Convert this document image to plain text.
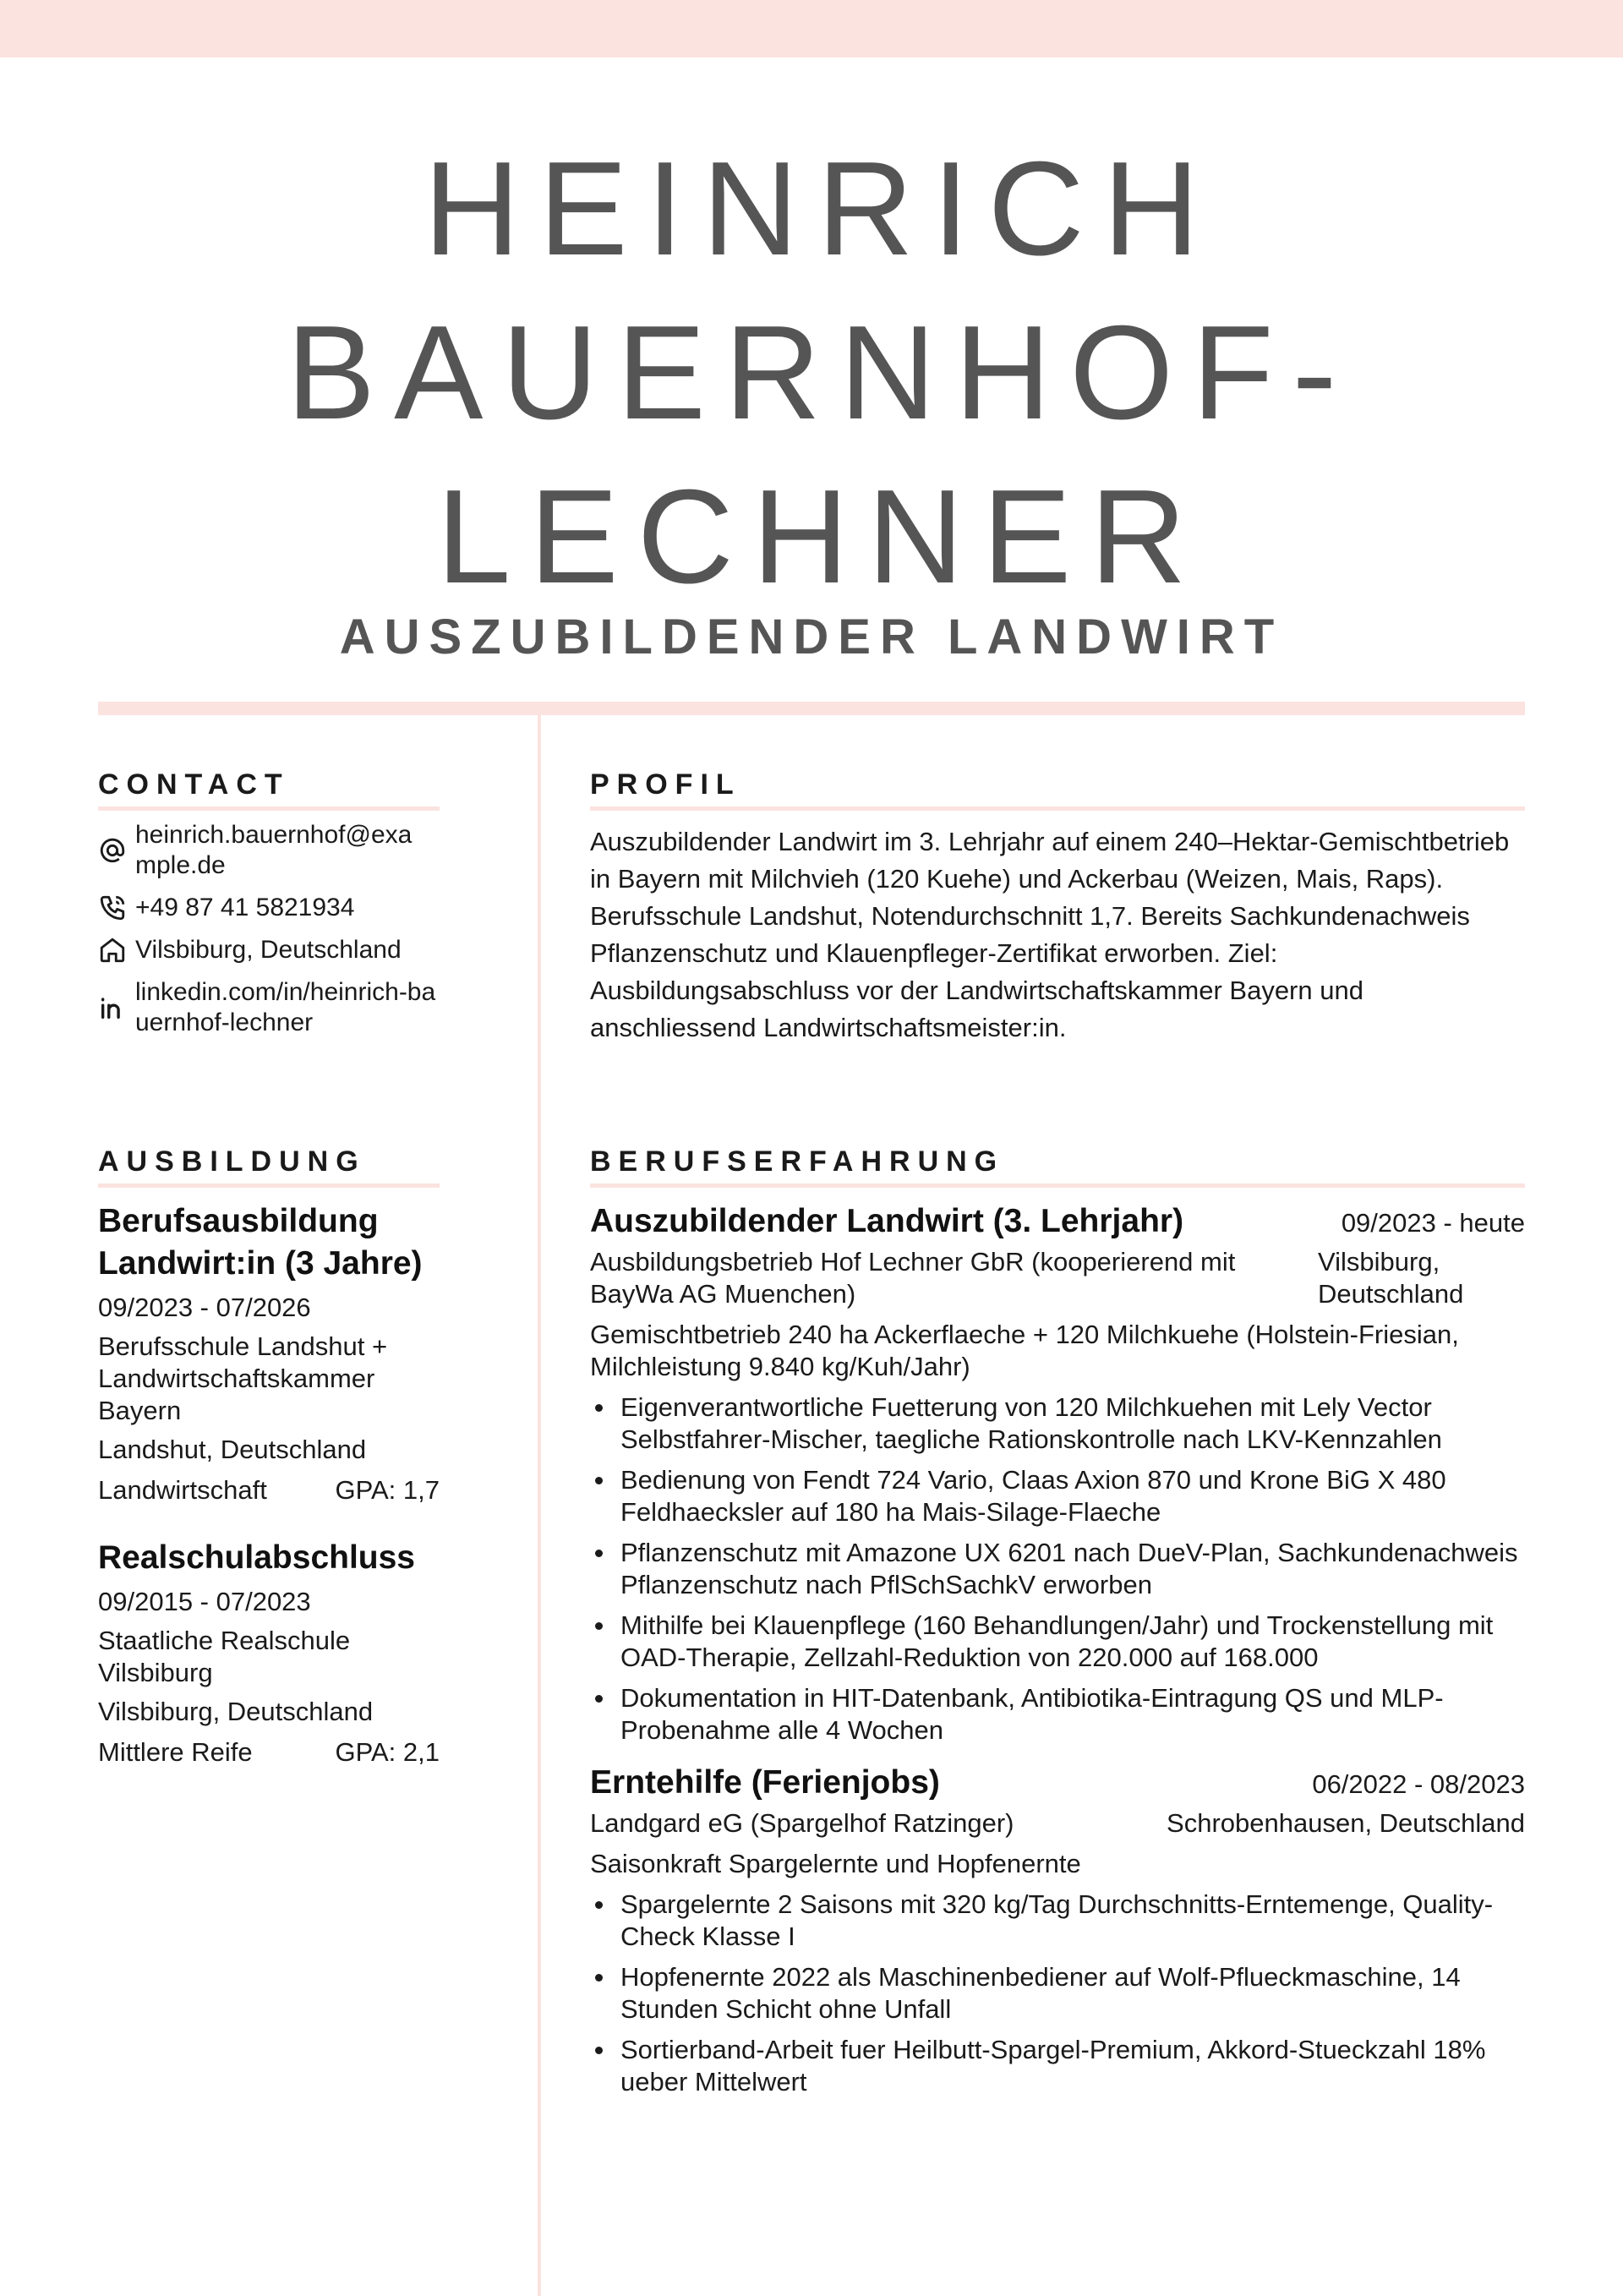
HEINRICH
BAUERNHOF-
LECHNER
AUSZUBILDENDER LANDWIRT
CONTACT
heinrich.bauernhof@example.de
+49 87 41 5821934
Vilsbiburg, Deutschland
linkedin.com/in/heinrich-bauernhof-lechner
AUSBILDUNG
Berufsausbildung Landwirt:in (3 Jahre)
09/2023 - 07/2026
Berufsschule Landshut + Landwirtschaftskammer Bayern
Landshut, Deutschland
Landwirtschaft	GPA: 1,7
Realschulabschluss
09/2015 - 07/2023
Staatliche Realschule Vilsbiburg
Vilsbiburg, Deutschland
Mittlere Reife	GPA: 2,1
PROFIL
Auszubildender Landwirt im 3. Lehrjahr auf einem 240–Hektar-Gemischtbetrieb in Bayern mit Milchvieh (120 Kuehe) und Ackerbau (Weizen, Mais, Raps). Berufsschule Landshut, Notendurchschnitt 1,7. Bereits Sachkundenachweis Pflanzenschutz und Klauenpfleger-Zertifikat erworben. Ziel: Ausbildungsabschluss vor der Landwirtschaftskammer Bayern und anschliessend Landwirtschaftsmeister:in.
BERUFSERFAHRUNG
Auszubildender Landwirt (3. Lehrjahr)	09/2023 - heute
Ausbildungsbetrieb Hof Lechner GbR (kooperierend mit BayWa AG Muenchen)
Vilsbiburg, Deutschland
Gemischtbetrieb 240 ha Ackerflaeche + 120 Milchkuehe (Holstein-Friesian, Milchleistung 9.840 kg/Kuh/Jahr)
Eigenverantwortliche Fuetterung von 120 Milchkuehen mit Lely Vector Selbstfahrer-Mischer, taegliche Rationskontrolle nach LKV-Kennzahlen
Bedienung von Fendt 724 Vario, Claas Axion 870 und Krone BiG X 480 Feldhaecksler auf 180 ha Mais-Silage-Flaeche
Pflanzenschutz mit Amazone UX 6201 nach DueV-Plan, Sachkundenachweis Pflanzenschutz nach PflSchSachkV erworben
Mithilfe bei Klauenpflege (160 Behandlungen/Jahr) und Trockenstellung mit OAD-Therapie, Zellzahl-Reduktion von 220.000 auf 168.000
Dokumentation in HIT-Datenbank, Antibiotika-Eintragung QS und MLP-Probenahme alle 4 Wochen
Erntehilfe (Ferienjobs)	06/2022 - 08/2023
Landgard eG (Spargelhof Ratzinger)	Schrobenhausen, Deutschland
Saisonkraft Spargelernte und Hopfenernte
Spargelernte 2 Saisons mit 320 kg/Tag Durchschnitts-Erntemenge, Quality-Check Klasse I
Hopfenernte 2022 als Maschinenbediener auf Wolf-Pflueckmaschine, 14 Stunden Schicht ohne Unfall
Sortierband-Arbeit fuer Heilbutt-Spargel-Premium, Akkord-Stueckzahl 18% ueber Mittelwert
